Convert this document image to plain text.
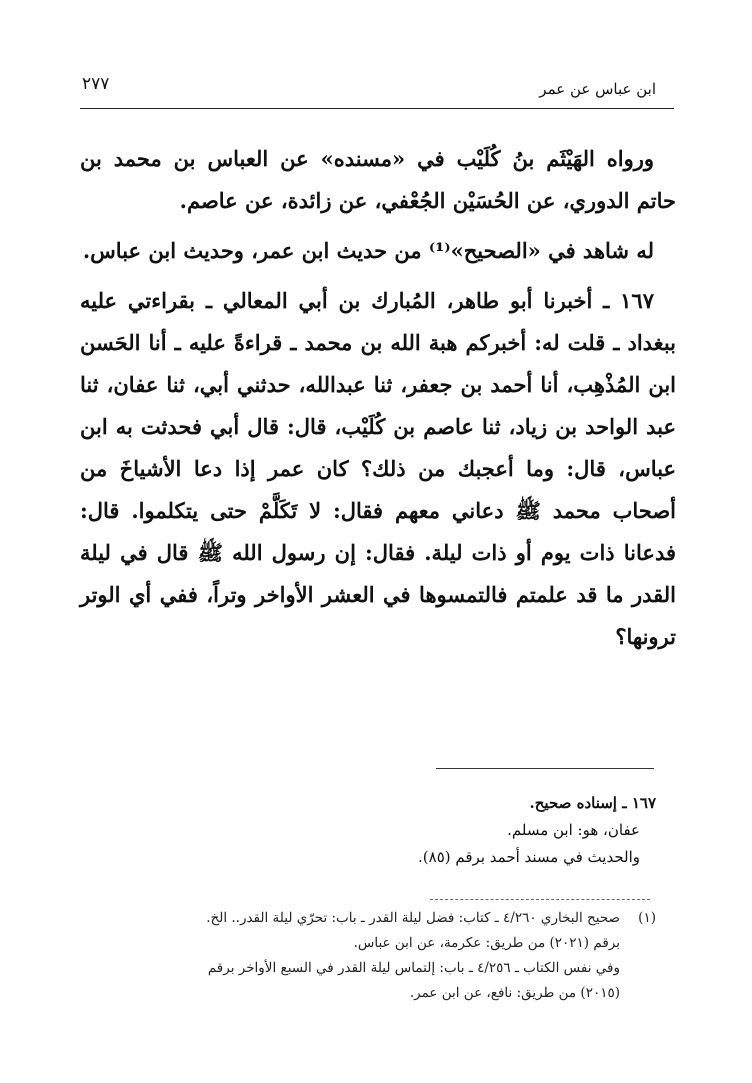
ابن عباس عن عمر
٢٧٧

ورواه الهَيْثَم بنُ كُلَيْب في «مسنده» عن العباس بن محمد بن حاتم الدوري، عن الحُسَيْن الجُعْفي، عن زائدة، عن عاصم.

له شاهد في «الصحيح»⁽¹⁾ من حديث ابن عمر، وحديث ابن عباس.

١٦٧ ـ أخبرنا أبو طاهر، المُبارك بن أبي المعالي ـ بقراءتي عليه ببغداد ـ قلت له: أخبركم هبة الله بن محمد ـ قراءةً عليه ـ أنا الحَسن ابن المُذْهِب، أنا أحمد بن جعفر، ثنا عبدالله، حدثني أبي، ثنا عفان، ثنا عبد الواحد بن زياد، ثنا عاصم بن كُلَيْب، قال: قال أبي فحدثت به ابن عباس، قال: وما أعجبك من ذلك؟ كان عمر إذا دعا الأشياخَ من أصحاب محمد ﷺ دعاني معهم فقال: لا تَكَلَّمْ حتى يتكلموا. قال: فدعانا ذات يوم أو ذات ليلة. فقال: إن رسول الله ﷺ قال في ليلة القدر ما قد علمتم فالتمسوها في العشر الأواخر وتراً، ففي أي الوتر ترونها؟

١٦٧ ـ إسناده صحيح.
عفان، هو: ابن مسلم.
والحديث في مسند أحمد برقم (٨٥).
(١)
صحيح البخاري ٤/٢٦٠ ـ كتاب: فضل ليلة القدر ـ باب: تحرّي ليلة القدر.. الخ.
برقم (٢٠٢١) من طريق: عكرمة، عن ابن عباس.
وفي نفس الكتاب ـ ٤/٢٥٦ ـ باب: إلتماس ليلة القدر في السبع الأواخر برقم
(٢٠١٥) من طريق: نافع، عن ابن عمر.
